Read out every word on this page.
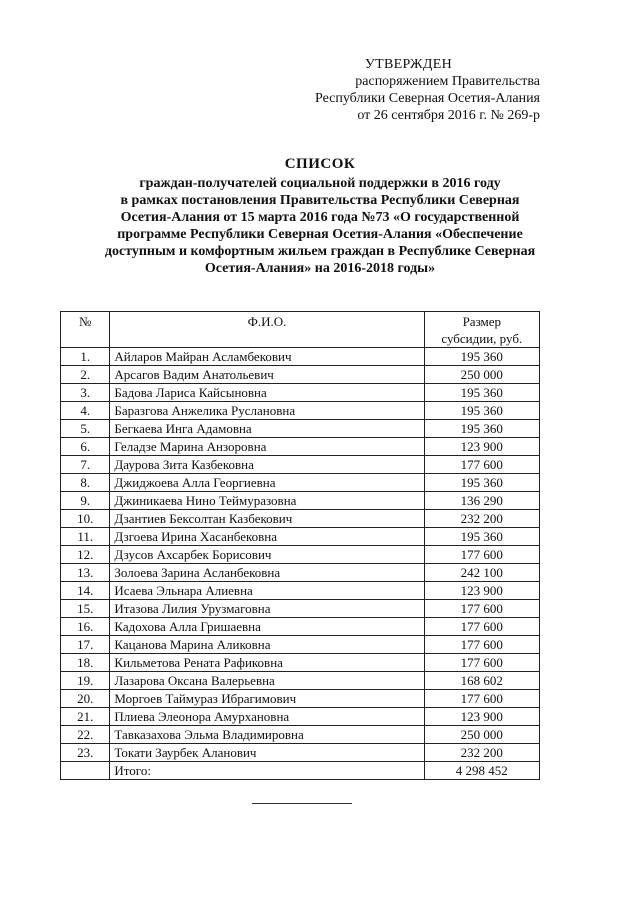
УТВЕРЖДЕН
распоряжением Правительства
Республики Северная Осетия-Алания
от 26 сентября 2016 г. № 269-р
СПИСОК
граждан-получателей социальной поддержки в 2016 году
в рамках постановления Правительства Республики Северная
Осетия-Алания от 15 марта 2016 года №73 «О государственной
программе Республики Северная Осетия-Алания «Обеспечение
доступным и комфортным жильем граждан в Республике Северная
Осетия-Алания» на 2016-2018 годы»
№	Ф.И.О.	Размер
субсидии, руб.

1.	Айларов Майран Асламбекович	195 360
2.	Арсагов Вадим Анатольевич	250 000
3.	Бадова Лариса Кайсыновна	195 360
4.	Баразгова Анжелика Руслановна	195 360
5.	Бегкаева Инга Адамовна	195 360
6.	Геладзе Марина Анзоровна	123 900
7.	Даурова Зита Казбековна	177 600
8.	Джиджоева Алла Георгиевна	195 360
9.	Джиникаева Нино Теймуразовна	136 290
10.	Дзантиев Бексолтан Казбекович	232 200
11.	Дзгоева Ирина Хасанбековна	195 360
12.	Дзусов Ахсарбек Борисович	177 600
13.	Золоева Зарина Асланбековна	242 100
14.	Исаева Эльнара Алиевна	123 900
15.	Итазова Лилия Урузмаговна	177 600
16.	Кадохова Алла Гришаевна	177 600
17.	Кацанова Марина Аликовна	177 600
18.	Кильметова Рената Рафиковна	177 600
19.	Лазарова Оксана Валерьевна	168 602
20.	Моргоев Таймураз Ибрагимович	177 600
21.	Плиева Элеонора Амурхановна	123 900
22.	Тавказахова Эльма Владимировна	250 000
23.	Токати Заурбек Аланович	232 200
	Итого:	4 298 452
